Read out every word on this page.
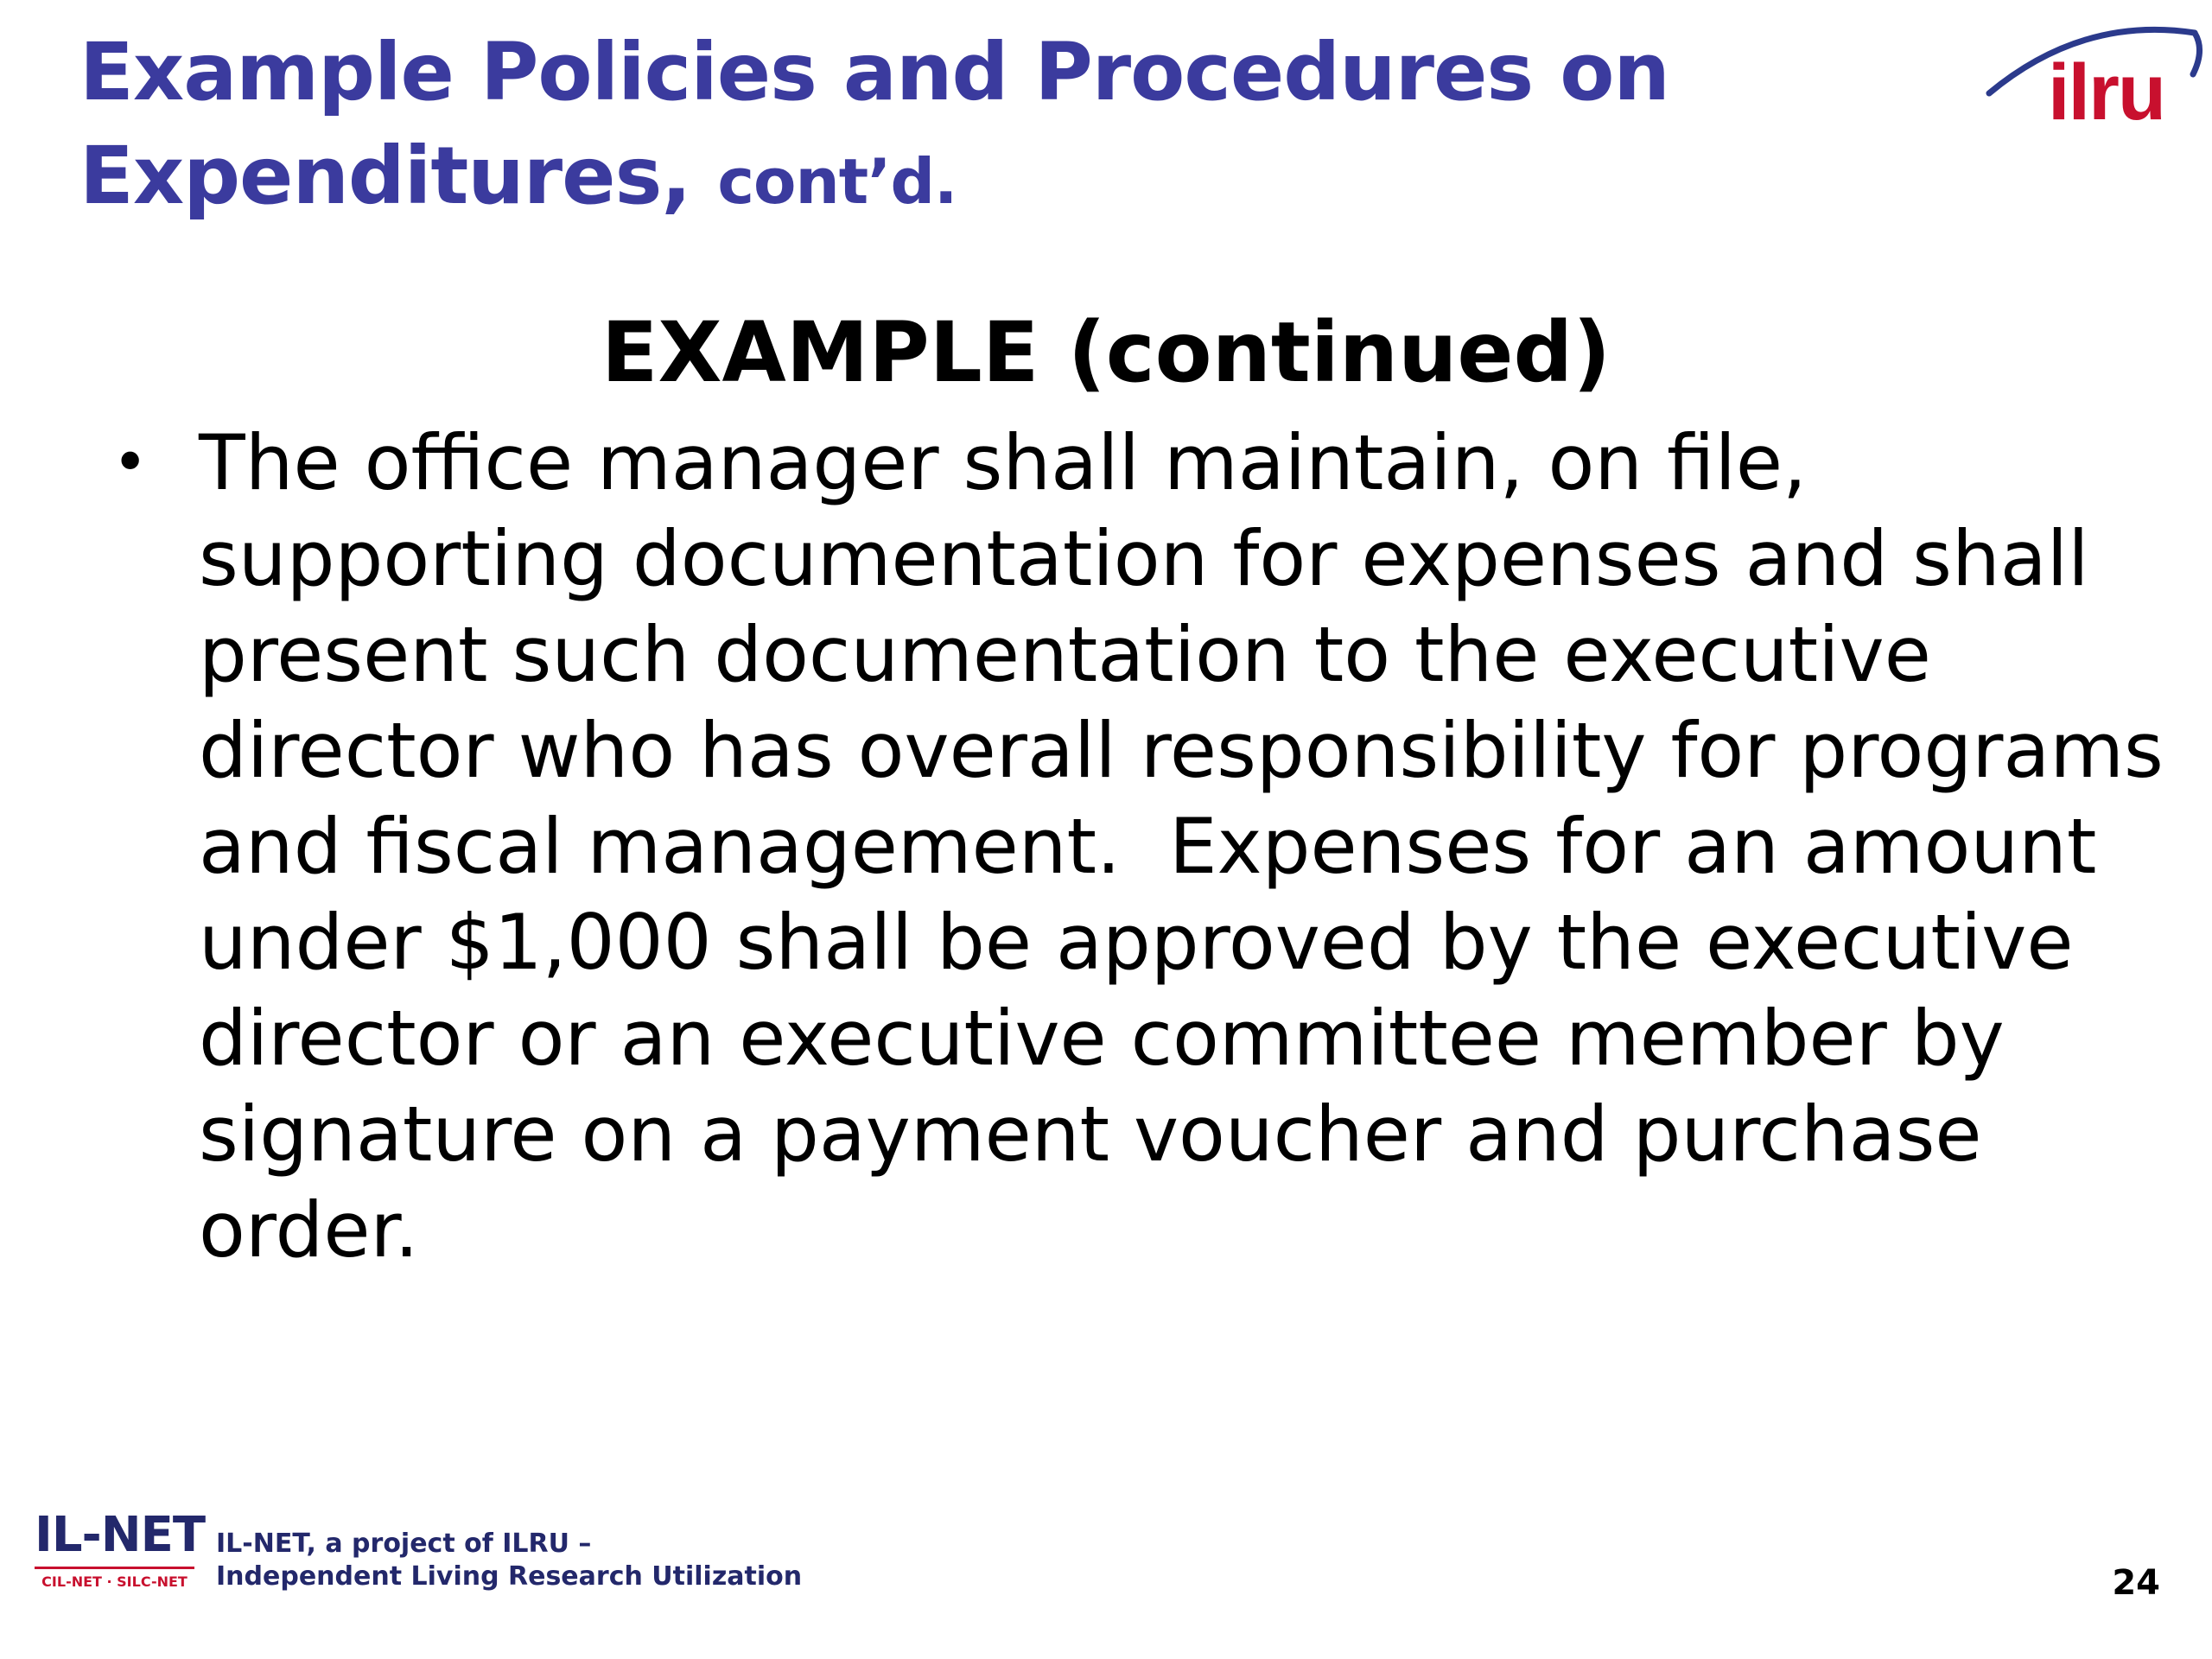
Example Policies and Procedures on
Expenditures, cont’d.
ilru
EXAMPLE (continued)
• The office manager shall maintain, on file, supporting documentation for expenses and shall present such documentation to the executive director who has overall responsibility for programs and fiscal management.  Expenses for an amount under $1,000 shall be approved by the executive director or an executive committee member by signature on a payment voucher and purchase order.
IL-NET
CIL-NET · SILC-NET
IL-NET, a project of ILRU –
Independent Living Research Utilization	24
